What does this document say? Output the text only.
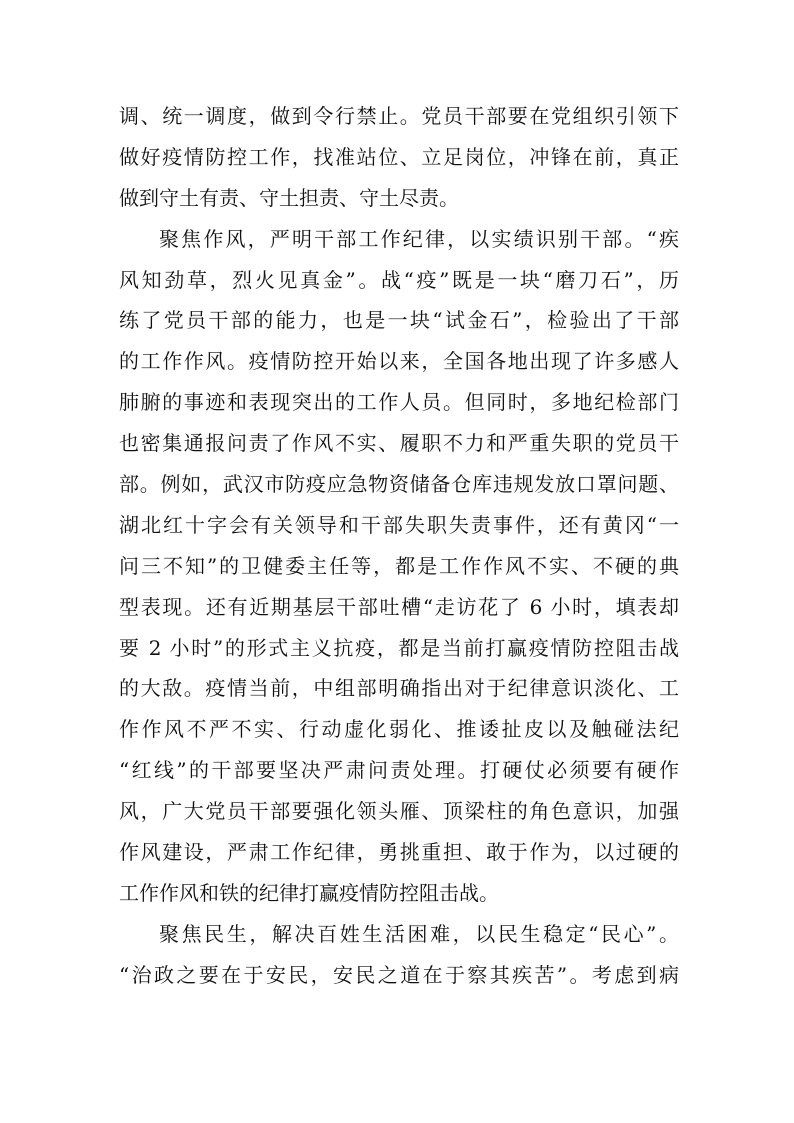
调、统一调度，做到令行禁止。党员干部要在党组织引领下
做好疫情防控工作，找准站位、立足岗位，冲锋在前，真正
做到守土有责、守土担责、守土尽责。
聚焦作风，严明干部工作纪律，以实绩识别干部。“疾
风知劲草，烈火见真金”。战“疫”既是一块“磨刀石”，历
练了党员干部的能力，也是一块“试金石”，检验出了干部
的工作作风。疫情防控开始以来，全国各地出现了许多感人
肺腑的事迹和表现突出的工作人员。但同时，多地纪检部门
也密集通报问责了作风不实、履职不力和严重失职的党员干
部。例如，武汉市防疫应急物资储备仓库违规发放口罩问题、
湖北红十字会有关领导和干部失职失责事件，还有黄冈“一
问三不知”的卫健委主任等，都是工作作风不实、不硬的典
型表现。还有近期基层干部吐槽“走访花了 6 小时，填表却
要 2 小时”的形式主义抗疫，都是当前打赢疫情防控阻击战
的大敌。疫情当前，中组部明确指出对于纪律意识淡化、工
作作风不严不实、行动虚化弱化、推诿扯皮以及触碰法纪
“红线”的干部要坚决严肃问责处理。打硬仗必须要有硬作
风，广大党员干部要强化领头雁、顶梁柱的角色意识，加强
作风建设，严肃工作纪律，勇挑重担、敢于作为，以过硬的
工作作风和铁的纪律打赢疫情防控阻击战。
聚焦民生，解决百姓生活困难，以民生稳定“民心”。
“治政之要在于安民，安民之道在于察其疾苦”。考虑到病
